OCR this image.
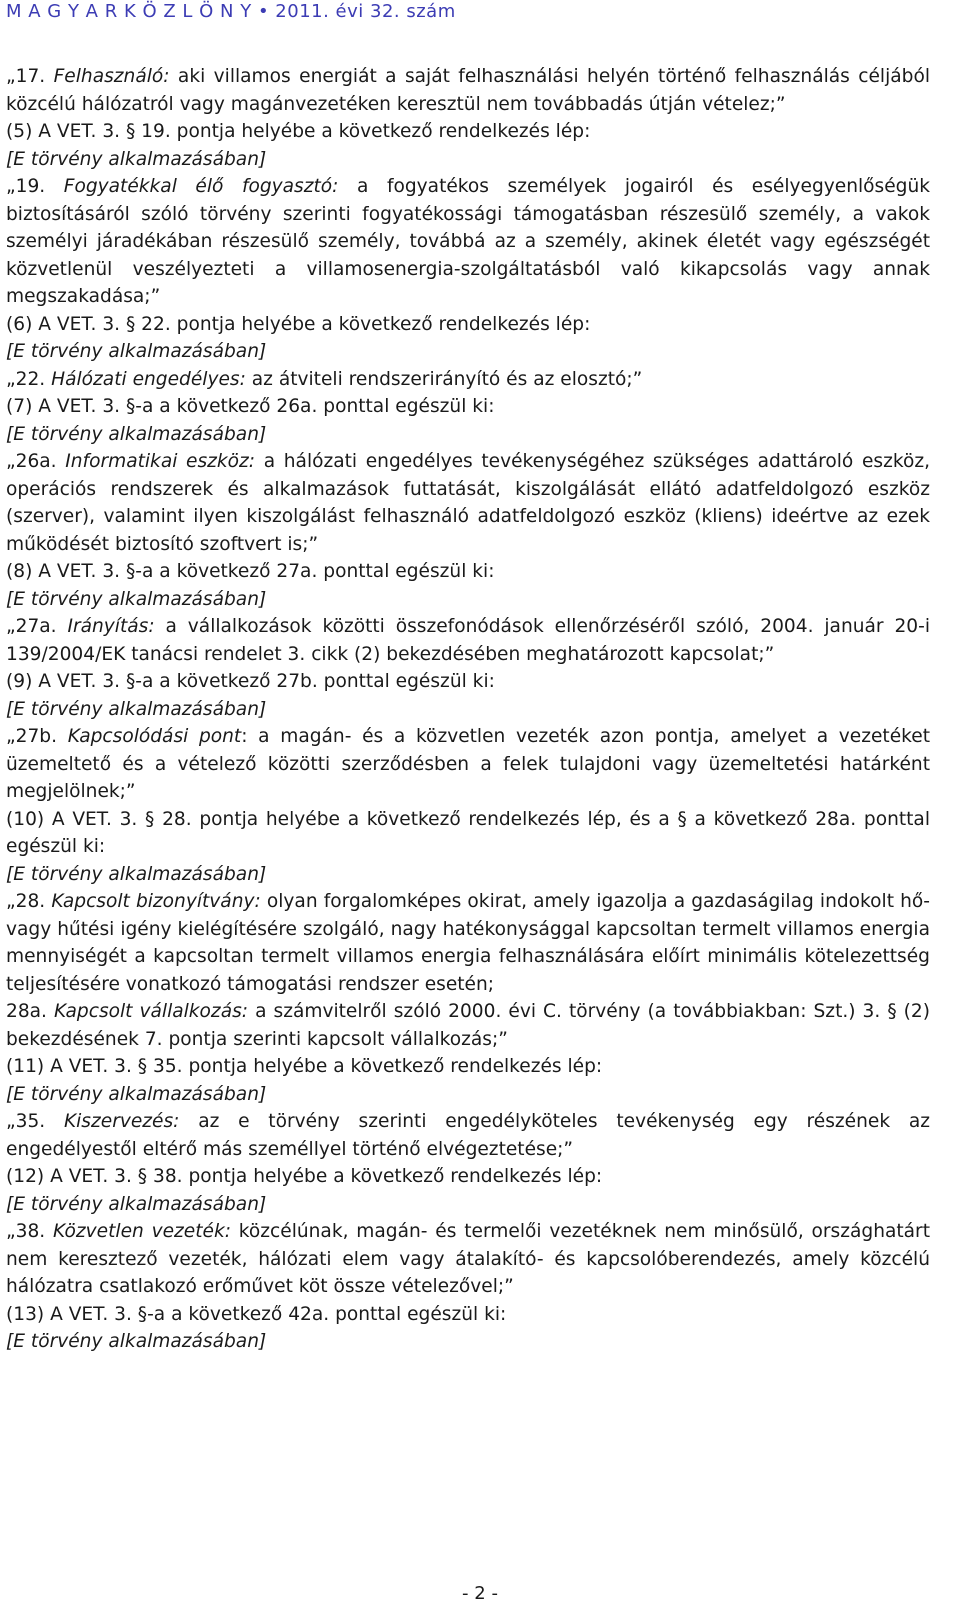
M A G Y A R K Ö Z L Ö N Y • 2011. évi 32. szám

„17. Felhasználó: aki villamos energiát a saját felhasználási helyén történő felhasználás céljából közcélú hálózatról vagy magánvezetéken keresztül nem továbbadás útján vételez;”

(5) A VET. 3. § 19. pontja helyébe a következő rendelkezés lép:

[E törvény alkalmazásában]

„19. Fogyatékkal élő fogyasztó: a fogyatékos személyek jogairól és esélyegyenlőségük biztosításáról szóló törvény szerinti fogyatékossági támogatásban részesülő személy, a vakok személyi járadékában részesülő személy, továbbá az a személy, akinek életét vagy egészségét közvetlenül veszélyezteti a villamosenergia-szolgáltatásból való kikapcsolás vagy annak megszakadása;”

(6) A VET. 3. § 22. pontja helyébe a következő rendelkezés lép:

[E törvény alkalmazásában]

„22. Hálózati engedélyes: az átviteli rendszerirányító és az elosztó;”

(7) A VET. 3. §-a a következő 26a. ponttal egészül ki:

[E törvény alkalmazásában]

„26a. Informatikai eszköz: a hálózati engedélyes tevékenységéhez szükséges adattároló eszköz, operációs rendszerek és alkalmazások futtatását, kiszolgálását ellátó adatfeldolgozó eszköz (szerver), valamint ilyen kiszolgálást felhasználó adatfeldolgozó eszköz (kliens) ideértve az ezek működését biztosító szoftvert is;”

(8) A VET. 3. §-a a következő 27a. ponttal egészül ki:

[E törvény alkalmazásában]

„27a. Irányítás: a vállalkozások közötti összefonódások ellenőrzéséről szóló, 2004. január 20-i 139/2004/EK tanácsi rendelet 3. cikk (2) bekezdésében meghatározott kapcsolat;”

(9) A VET. 3. §-a a következő 27b. ponttal egészül ki:

[E törvény alkalmazásában]

„27b. Kapcsolódási pont: a magán- és a közvetlen vezeték azon pontja, amelyet a vezetéket üzemeltető és a vételező közötti szerződésben a felek tulajdoni vagy üzemeltetési határként megjelölnek;”

(10) A VET. 3. § 28. pontja helyébe a következő rendelkezés lép, és a § a következő 28a. ponttal egészül ki:

[E törvény alkalmazásában]

„28. Kapcsolt bizonyítvány: olyan forgalomképes okirat, amely igazolja a gazdaságilag indokolt hő- vagy hűtési igény kielégítésére szolgáló, nagy hatékonysággal kapcsoltan termelt villamos energia mennyiségét a kapcsoltan termelt villamos energia felhasználására előírt minimális kötelezettség teljesítésére vonatkozó támogatási rendszer esetén;

28a. Kapcsolt vállalkozás: a számvitelről szóló 2000. évi C. törvény (a továbbiakban: Szt.) 3. § (2) bekezdésének 7. pontja szerinti kapcsolt vállalkozás;”

(11) A VET. 3. § 35. pontja helyébe a következő rendelkezés lép:

[E törvény alkalmazásában]

„35. Kiszervezés: az e törvény szerinti engedélyköteles tevékenység egy részének az engedélyestől eltérő más személlyel történő elvégeztetése;”

(12) A VET. 3. § 38. pontja helyébe a következő rendelkezés lép:

[E törvény alkalmazásában]

„38. Közvetlen vezeték: közcélúnak, magán- és termelői vezetéknek nem minősülő, országhatárt nem keresztező vezeték, hálózati elem vagy átalakító- és kapcsolóberendezés, amely közcélú hálózatra csatlakozó erőművet köt össze vételezővel;”

(13) A VET. 3. §-a a következő 42a. ponttal egészül ki:

[E törvény alkalmazásában]

- 2 -
